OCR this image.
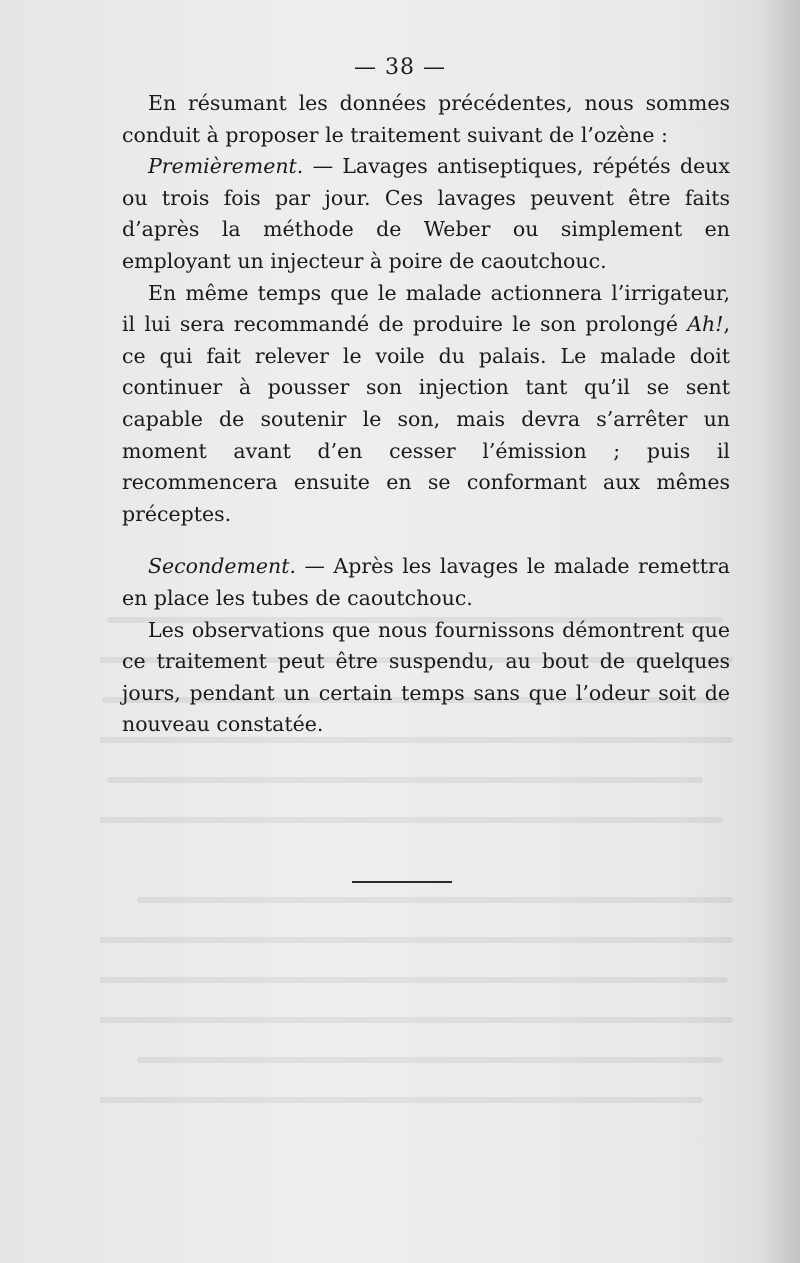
— 38 —

En résumant les données précédentes, nous sommes conduit à proposer le traitement suivant de l’ozène :

Premièrement. — Lavages antiseptiques, répétés deux ou trois fois par jour. Ces lavages peuvent être faits d’après la méthode de Weber ou simplement en employant un injecteur à poire de caoutchouc.

En même temps que le malade actionnera l’irrigateur, il lui sera recommandé de produire le son prolongé Ah!, ce qui fait relever le voile du palais. Le malade doit continuer à pousser son injection tant qu’il se sent capable de soutenir le son, mais devra s’arrêter un moment avant d’en cesser l’émission ; puis il recommencera ensuite en se conformant aux mêmes préceptes.

Secondement. — Après les lavages le malade remettra en place les tubes de caoutchouc.

Les observations que nous fournissons démontrent que ce traitement peut être suspendu, au bout de quelques jours, pendant un certain temps sans que l’odeur soit de nouveau constatée.
